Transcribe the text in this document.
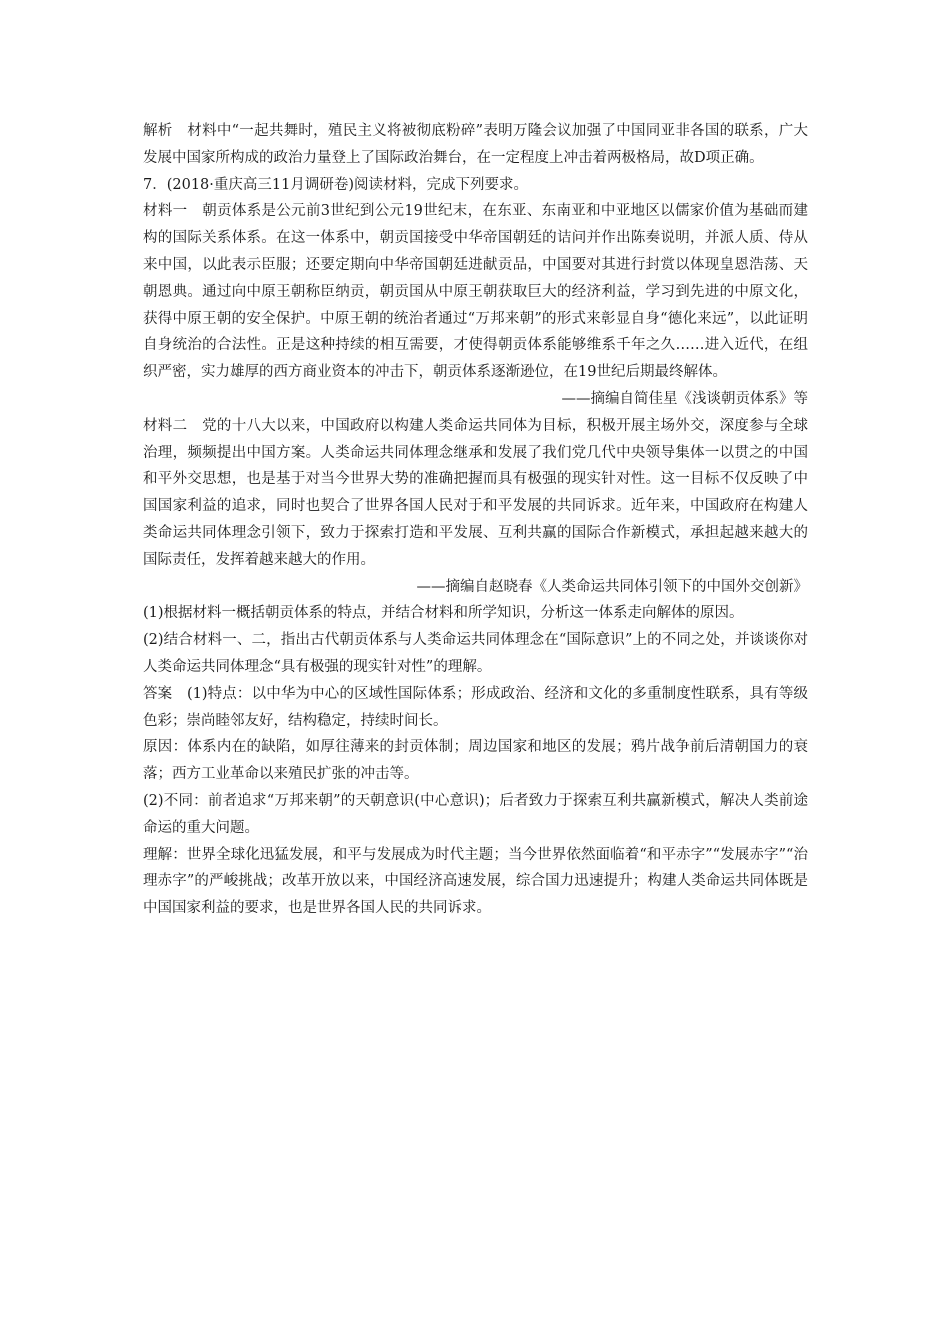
解析　材料中“一起共舞时，殖民主义将被彻底粉碎”表明万隆会议加强了中国同亚非各国的联系，广大发展中国家所构成的政治力量登上了国际政治舞台，在一定程度上冲击着两极格局，故D项正确。

7．(2018·重庆高三11月调研卷)阅读材料，完成下列要求。

材料一　朝贡体系是公元前3世纪到公元19世纪末，在东亚、东南亚和中亚地区以儒家价值为基础而建构的国际关系体系。在这一体系中，朝贡国接受中华帝国朝廷的诘问并作出陈奏说明，并派人质、侍从来中国，以此表示臣服；还要定期向中华帝国朝廷进献贡品，中国要对其进行封赏以体现皇恩浩荡、天朝恩典。通过向中原王朝称臣纳贡，朝贡国从中原王朝获取巨大的经济利益，学习到先进的中原文化，获得中原王朝的安全保护。中原王朝的统治者通过“万邦来朝”的形式来彰显自身“德化来远”，以此证明自身统治的合法性。正是这种持续的相互需要，才使得朝贡体系能够维系千年之久……进入近代，在组织严密，实力雄厚的西方商业资本的冲击下，朝贡体系逐渐逊位，在19世纪后期最终解体。

——摘编自简佳星《浅谈朝贡体系》等

材料二　党的十八大以来，中国政府以构建人类命运共同体为目标，积极开展主场外交，深度参与全球治理，频频提出中国方案。人类命运共同体理念继承和发展了我们党几代中央领导集体一以贯之的中国和平外交思想，也是基于对当今世界大势的准确把握而具有极强的现实针对性。这一目标不仅反映了中国国家利益的追求，同时也契合了世界各国人民对于和平发展的共同诉求。近年来，中国政府在构建人类命运共同体理念引领下，致力于探索打造和平发展、互利共赢的国际合作新模式，承担起越来越大的国际责任，发挥着越来越大的作用。

——摘编自赵晓春《人类命运共同体引领下的中国外交创新》

(1)根据材料一概括朝贡体系的特点，并结合材料和所学知识，分析这一体系走向解体的原因。

(2)结合材料一、二，指出古代朝贡体系与人类命运共同体理念在“国际意识”上的不同之处，并谈谈你对人类命运共同体理念“具有极强的现实针对性”的理解。

答案　(1)特点：以中华为中心的区域性国际体系；形成政治、经济和文化的多重制度性联系，具有等级色彩；崇尚睦邻友好，结构稳定，持续时间长。

原因：体系内在的缺陷，如厚往薄来的封贡体制；周边国家和地区的发展；鸦片战争前后清朝国力的衰落；西方工业革命以来殖民扩张的冲击等。

(2)不同：前者追求“万邦来朝”的天朝意识(中心意识)；后者致力于探索互利共赢新模式，解决人类前途命运的重大问题。

理解：世界全球化迅猛发展，和平与发展成为时代主题；当今世界依然面临着“和平赤字”“发展赤字”“治理赤字”的严峻挑战；改革开放以来，中国经济高速发展，综合国力迅速提升；构建人类命运共同体既是中国国家利益的要求，也是世界各国人民的共同诉求。
